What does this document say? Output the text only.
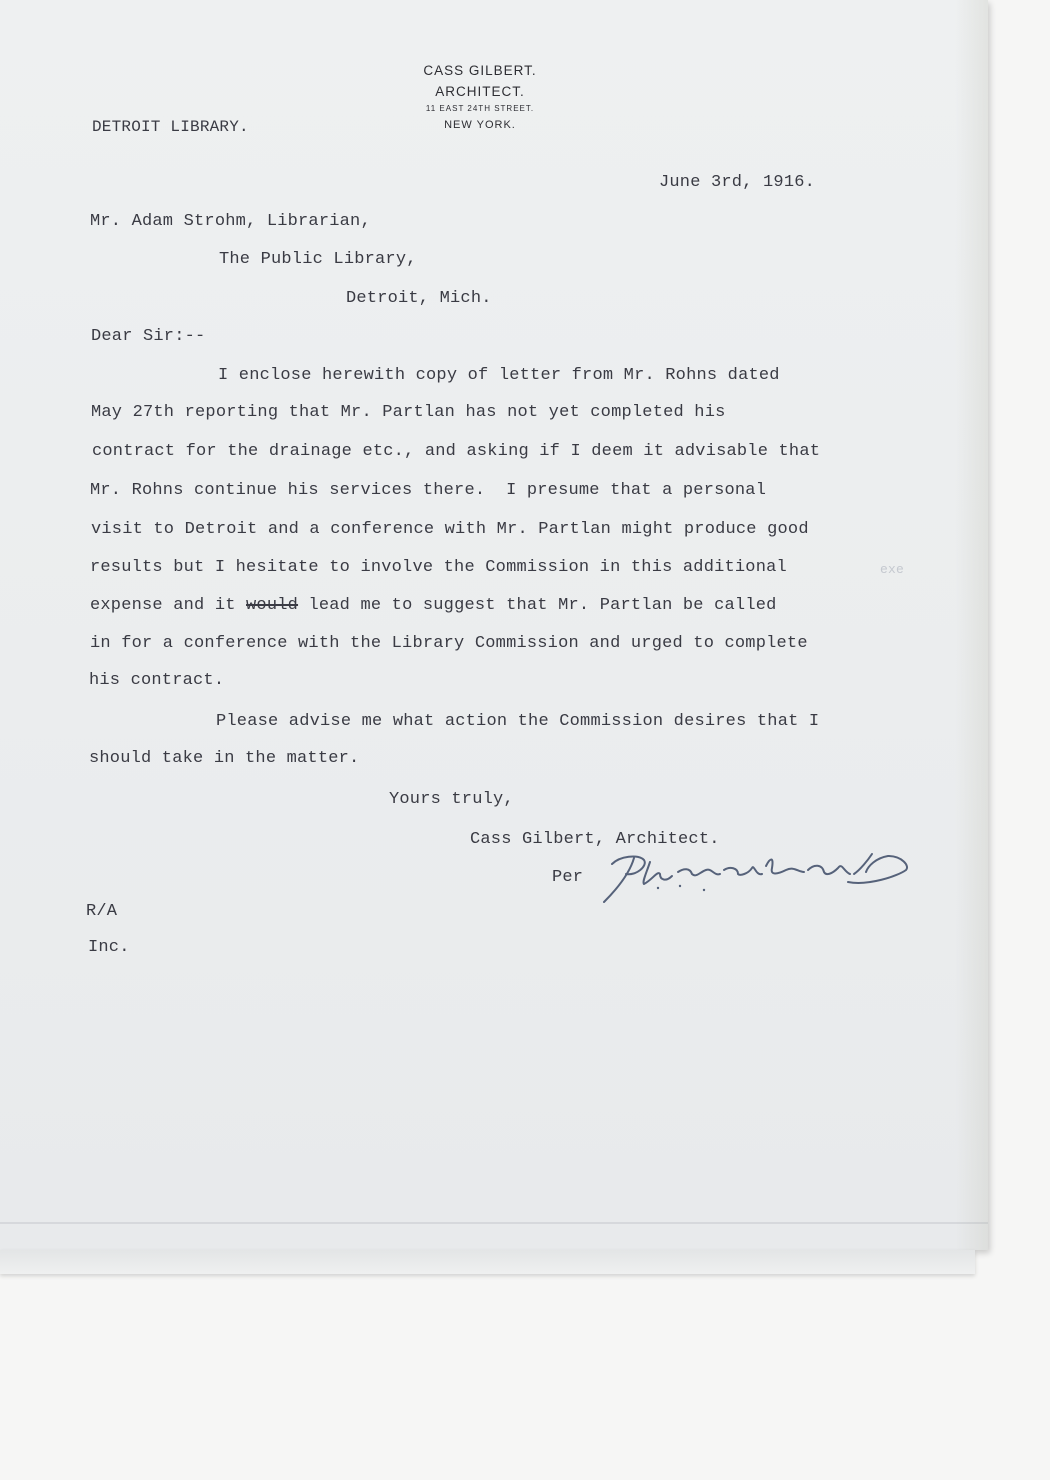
CASS GILBERT.
ARCHITECT.
11 EAST 24TH STREET.
NEW YORK.
DETROIT LIBRARY.
June 3rd, 1916.
Mr. Adam Strohm, Librarian,
The Public Library,
Detroit, Mich.
Dear Sir:--
I enclose herewith copy of letter from Mr. Rohns dated
May 27th reporting that Mr. Partlan has not yet completed his
contract for the drainage etc., and asking if I deem it advisable that
Mr. Rohns continue his services there.  I presume that a personal
visit to Detroit and a conference with Mr. Partlan might produce good
results but I hesitate to involve the Commission in this additional	exe
expense and it would lead me to suggest that Mr. Partlan be called
in for a conference with the Library Commission and urged to complete
his contract.
Please advise me what action the Commission desires that I
should take in the matter.
Yours truly,
Cass Gilbert, Architect.
Per
R/A
Inc.
